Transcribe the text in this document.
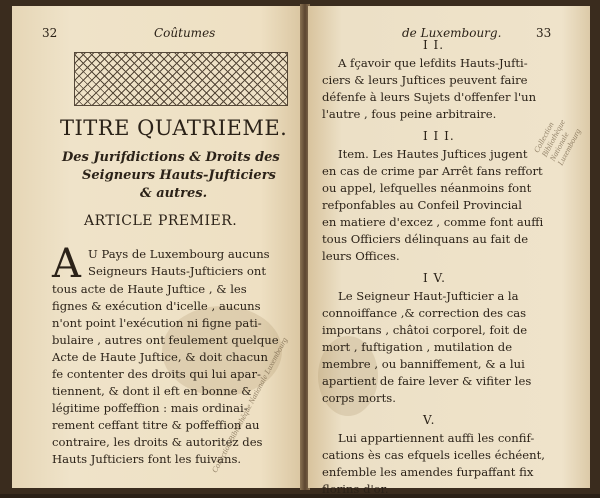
32	Coûtumes
TITRE QUATRIEME.
Des Jurifdictions & Droits des
Seigneurs Hauts-Jufticiers
& autres.
ARTICLE PREMIER.
A U Pays de Luxembourg aucuns
Seigneurs Hauts-Jufticiers ont
tous acte de Haute Juftice , & les
fignes & exécution d'icelle , aucuns
n'ont point l'exécution ni figne pati-
bulaire , autres ont feulement quelque
Acte de Haute Juftice, & doit chacun
fe contenter des droits qui lui apar-
tiennent, & dont il eft en bonne &
légitime poffeffion : mais ordinai-
rement ceffant titre & poffeffion au
contraire, les droits & autoritez des
Hauts Jufticiers font les fuivans.
de Luxembourg.	33
I I.
A fçavoir que lefdits Hauts-Jufti-
ciers & leurs Juftices peuvent faire
défenfe à leurs Sujets d'offenfer l'un
l'autre , fous peine arbitraire.
I I I.
Item. Les Hautes Juftices jugent
en cas de crime par Arrêt fans reffort
ou appel, lefquelles néanmoins font
refponfables au Confeil Provincial
en matiere d'excez , comme font auffi
tous Officiers délinquans au fait de
leurs Offices.
I V.
Le Seigneur Haut-Jufticier a la
connoiffance ,& correction des cas
importans , châtoi corporel, foit de
mort , fuftigation , mutilation de
membre , ou banniffement, & a lui
apartient de faire lever & vifiter les
corps morts.
V.
Lui appartiennent auffi les confif-
cations ès cas efquels icelles échéent,
enfemble les amendes furpaffant fix
florins d'or.
Collection Bibliothèque Nationale Luxembourg
Collection Bibliothèque Nationale Luxembourg
